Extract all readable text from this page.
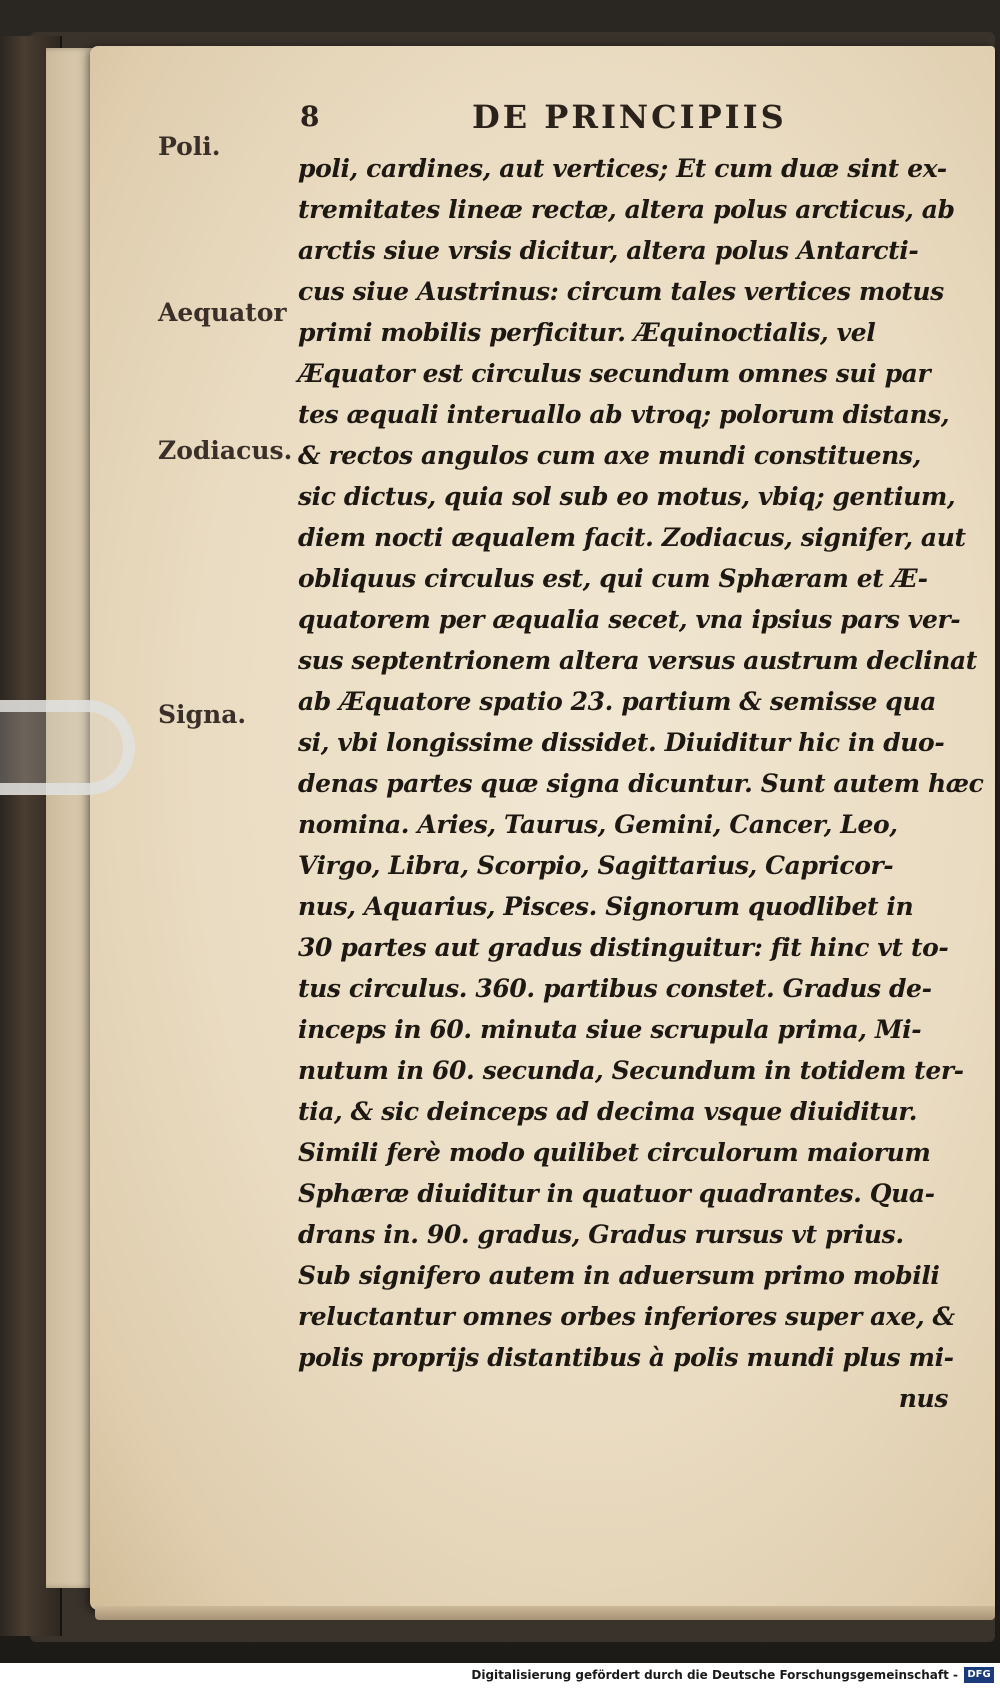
8	DE PRINCIPIIS
Poli.
Aequator
Zodiacus.
Signa.
poli, cardines, aut vertices; Et cum duæ sint ex-
tremitates lineæ rectæ, altera polus arcticus, ab
arctis siue vrsis dicitur, altera polus Antarcti-
cus siue Austrinus: circum tales vertices motus
primi mobilis perficitur. Æquinoctialis, vel
Æquator est circulus secundum omnes sui par
tes æquali interuallo ab vtroq; polorum distans,
& rectos angulos cum axe mundi constituens,
sic dictus, quia sol sub eo motus, vbiq; gentium,
diem nocti æqualem facit. Zodiacus, signifer, aut
obliquus circulus est, qui cum Sphæram et Æ-
quatorem per æqualia secet, vna ipsius pars ver-
sus septentrionem altera versus austrum declinat
ab Æquatore spatio 23. partium & semisse qua
si, vbi longissime dissidet. Diuiditur hic in duo-
denas partes quæ signa dicuntur. Sunt autem hæc
nomina. Aries, Taurus, Gemini, Cancer, Leo,
Virgo, Libra, Scorpio, Sagittarius, Capricor-
nus, Aquarius, Pisces. Signorum quodlibet in
30 partes aut gradus distinguitur: fit hinc vt to-
tus circulus. 360. partibus constet. Gradus de-
inceps in 60. minuta siue scrupula prima, Mi-
nutum in 60. secunda, Secundum in totidem ter-
tia, & sic deinceps ad decima vsque diuiditur.
Simili ferè modo quilibet circulorum maiorum
Sphæræ diuiditur in quatuor quadrantes. Qua-
drans in. 90. gradus, Gradus rursus vt prius.
Sub signifero autem in aduersum primo mobili
reluctantur omnes orbes inferiores super axe, &
polis proprijs distantibus à polis mundi plus mi-
nus
Digitalisierung gefördert durch die Deutsche Forschungsgemeinschaft - DFG
